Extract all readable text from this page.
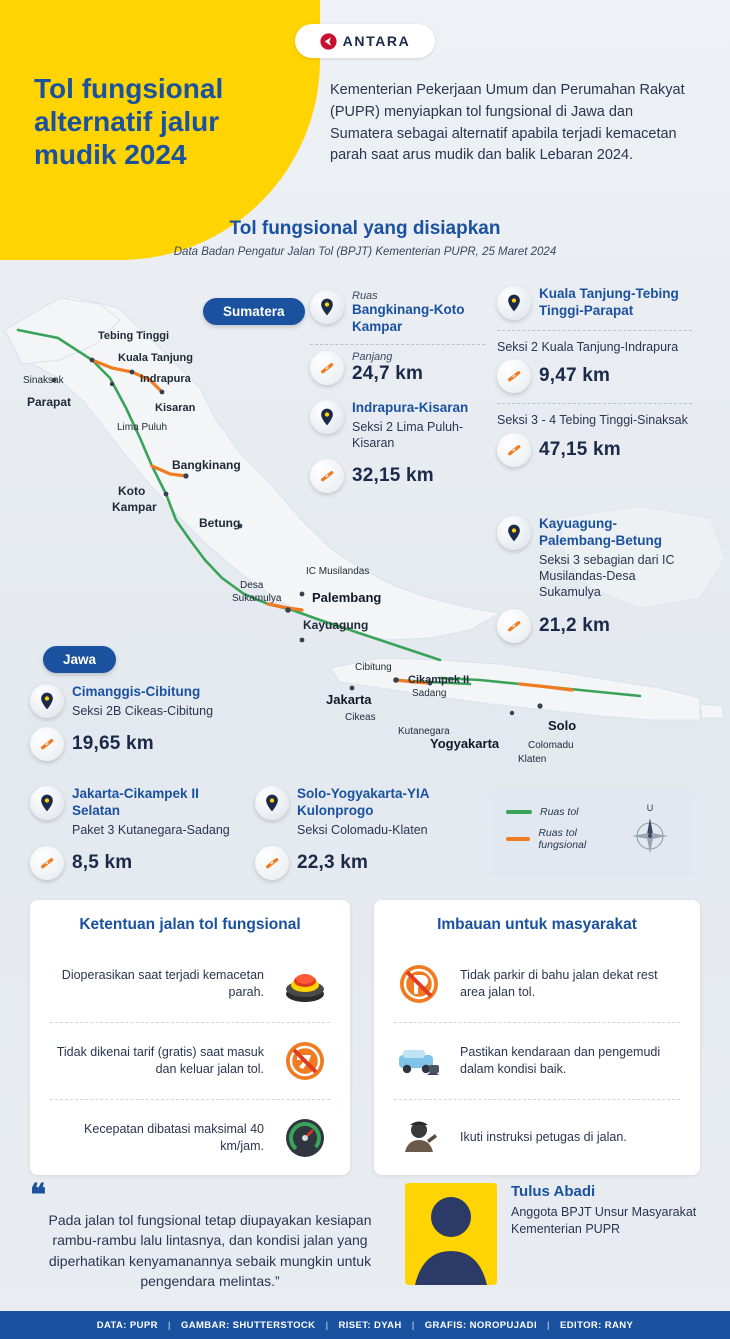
ANTARA
Tol fungsional
alternatif jalur
mudik 2024
Kementerian Pekerjaan Umum dan Perumahan Rakyat (PUPR) menyiapkan tol fungsional di Jawa dan Sumatera sebagai alternatif apabila terjadi kemacetan parah saat arus mudik dan balik Lebaran 2024.
Tol fungsional yang disiapkan
Data Badan Pengatur Jalan Tol (BPJT) Kementerian PUPR, 25 Maret 2024
Sumatera
Jawa
Tebing Tinggi
Kuala Tanjung
Indrapura
Sinaksak
Parapat	Kisaran
Lima Puluh
Bangkinang
Koto
Kampar
Betung
IC Musilandas
Desa
Sukamulya Palembang
Kayuagung
Cibitung
Cikampek II
Sadang
Jakarta
Cikeas
Kutanegara	Solo
Yogyakarta	Colomadu
Klaten
Ruas
Bangkinang-Koto Kampar
Panjang
24,7 km
Indrapura-Kisaran
Seksi 2 Lima Puluh-Kisaran
32,15 km
Kuala Tanjung-Tebing Tinggi-Parapat
Seksi 2 Kuala Tanjung-Indrapura
9,47 km
Seksi 3 - 4 Tebing Tinggi-Sinaksak
47,15 km
Kayuagung-Palembang-Betung
Seksi 3 sebagian dari IC Musilandas-Desa Sukamulya
21,2 km
Cimanggis-Cibitung
Seksi 2B Cikeas-Cibitung
19,65 km
Jakarta-Cikampek II Selatan
Paket 3 Kutanegara-Sadang
8,5 km
Solo-Yogyakarta-YIA Kulonprogo
Seksi Colomadu-Klaten
22,3 km
Ruas tol
Ruas tol fungsional
U
Ketentuan jalan tol fungsional
Dioperasikan saat terjadi kemacetan parah.
Tidak dikenai tarif (gratis) saat masuk dan keluar jalan tol.
Kecepatan dibatasi maksimal 40 km/jam.
Imbauan untuk masyarakat
Tidak parkir di bahu jalan dekat rest area jalan tol.
Pastikan kendaraan dan pengemudi dalam kondisi baik.
Ikuti instruksi petugas di jalan.
❝
Pada jalan tol fungsional tetap diupayakan kesiapan rambu-rambu lalu lintasnya, dan kondisi jalan yang diperhatikan kenyamanannya sebaik mungkin untuk pengendara melintas.”
Tulus Abadi
Anggota BPJT Unsur Masyarakat Kementerian PUPR
DATA: PUPR | GAMBAR: SHUTTERSTOCK | RISET: DYAH | GRAFIS: NOROPUJADI | EDITOR: RANY
